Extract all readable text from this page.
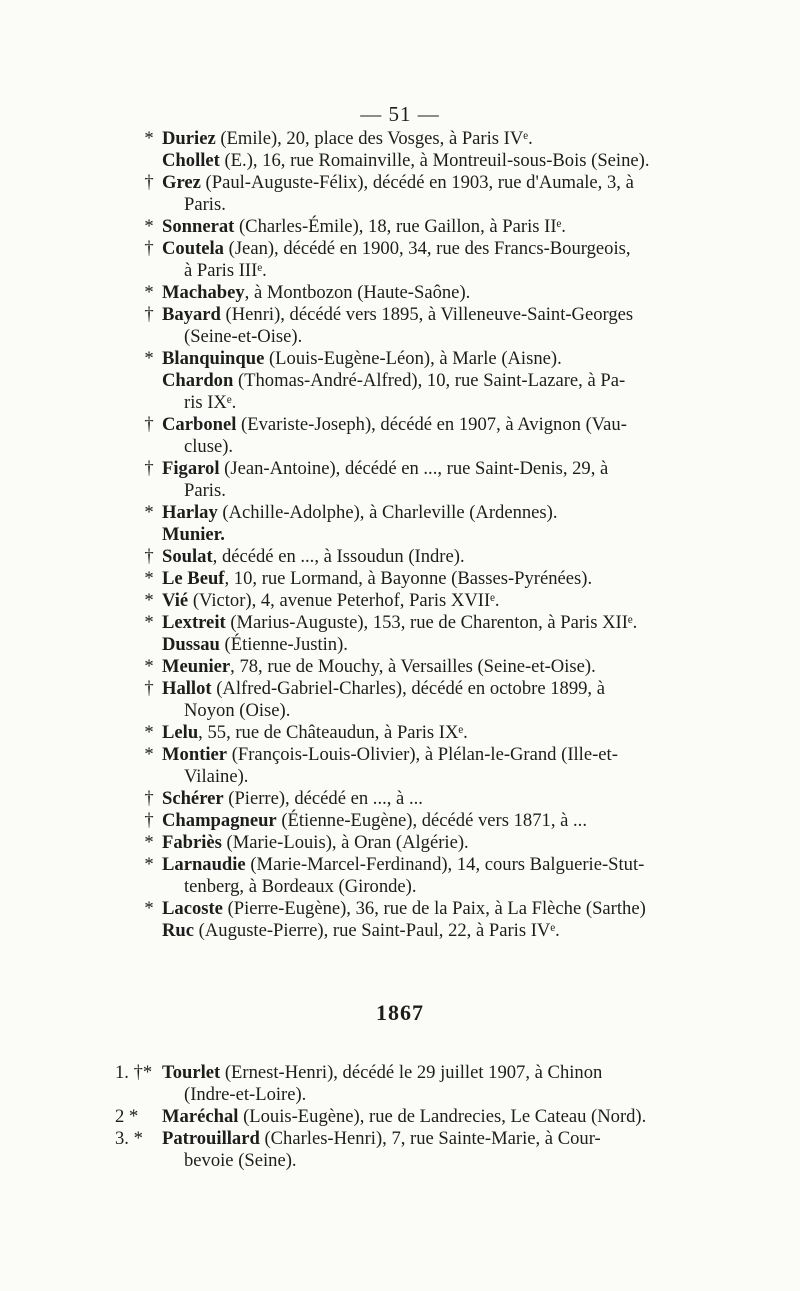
— 51 —
* Duriez (Emile), 20, place des Vosges, à Paris IVᵉ.
Chollet (E.), 16, rue Romainville, à Montreuil-sous-Bois (Seine).
† Grez (Paul-Auguste-Félix), décédé en 1903, rue d'Aumale, 3, à
Paris.
* Sonnerat (Charles-Émile), 18, rue Gaillon, à Paris IIᵉ.
† Coutela (Jean), décédé en 1900, 34, rue des Francs-Bourgeois,
à Paris IIIᵉ.
* Machabey, à Montbozon (Haute-Saône).
† Bayard (Henri), décédé vers 1895, à Villeneuve-Saint-Georges
(Seine-et-Oise).
* Blanquinque (Louis-Eugène-Léon), à Marle (Aisne).
Chardon (Thomas-André-Alfred), 10, rue Saint-Lazare, à Pa-
ris IXᵉ.
† Carbonel (Evariste-Joseph), décédé en 1907, à Avignon (Vau-
cluse).
† Figarol (Jean-Antoine), décédé en ..., rue Saint-Denis, 29, à
Paris.
* Harlay (Achille-Adolphe), à Charleville (Ardennes).
Munier.
† Soulat, décédé en ..., à Issoudun (Indre).
* Le Beuf, 10, rue Lormand, à Bayonne (Basses-Pyrénées).
* Vié (Victor), 4, avenue Peterhof, Paris XVIIᵉ.
* Lextreit (Marius-Auguste), 153, rue de Charenton, à Paris XIIᵉ.
Dussau (Étienne-Justin).
* Meunier, 78, rue de Mouchy, à Versailles (Seine-et-Oise).
† Hallot (Alfred-Gabriel-Charles), décédé en octobre 1899, à
Noyon (Oise).
* Lelu, 55, rue de Châteaudun, à Paris IXᵉ.
* Montier (François-Louis-Olivier), à Plélan-le-Grand (Ille-et-
Vilaine).
† Schérer (Pierre), décédé en ..., à ...
† Champagneur (Étienne-Eugène), décédé vers 1871, à ...
* Fabriès (Marie-Louis), à Oran (Algérie).
* Larnaudie (Marie-Marcel-Ferdinand), 14, cours Balguerie-Stut-
tenberg, à Bordeaux (Gironde).
* Lacoste (Pierre-Eugène), 36, rue de la Paix, à La Flèche (Sarthe)
Ruc (Auguste-Pierre), rue Saint-Paul, 22, à Paris IVᵉ.
1867
1. †* Tourlet (Ernest-Henri), décédé le 29 juillet 1907, à Chinon
(Indre-et-Loire).
2 *	Maréchal (Louis-Eugène), rue de Landrecies, Le Cateau (Nord).
3. *	Patrouillard (Charles-Henri), 7, rue Sainte-Marie, à Cour-
bevoie (Seine).
